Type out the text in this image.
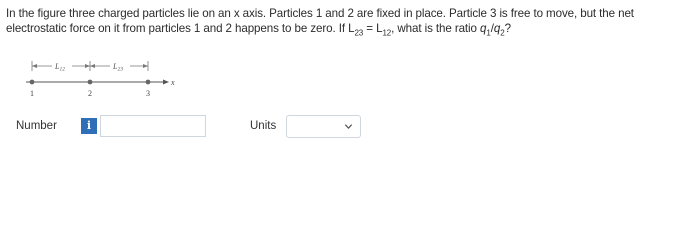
In the figure three charged particles lie on an x axis. Particles 1 and 2 are fixed in place. Particle 3 is free to move, but the net
electrostatic force on it from particles 1 and 2 happens to be zero. If $L_{23} = L_{12}$, what is the ratio $q_1/q_2$?
L12	L23
x
1	2	3
Number	i	Units
